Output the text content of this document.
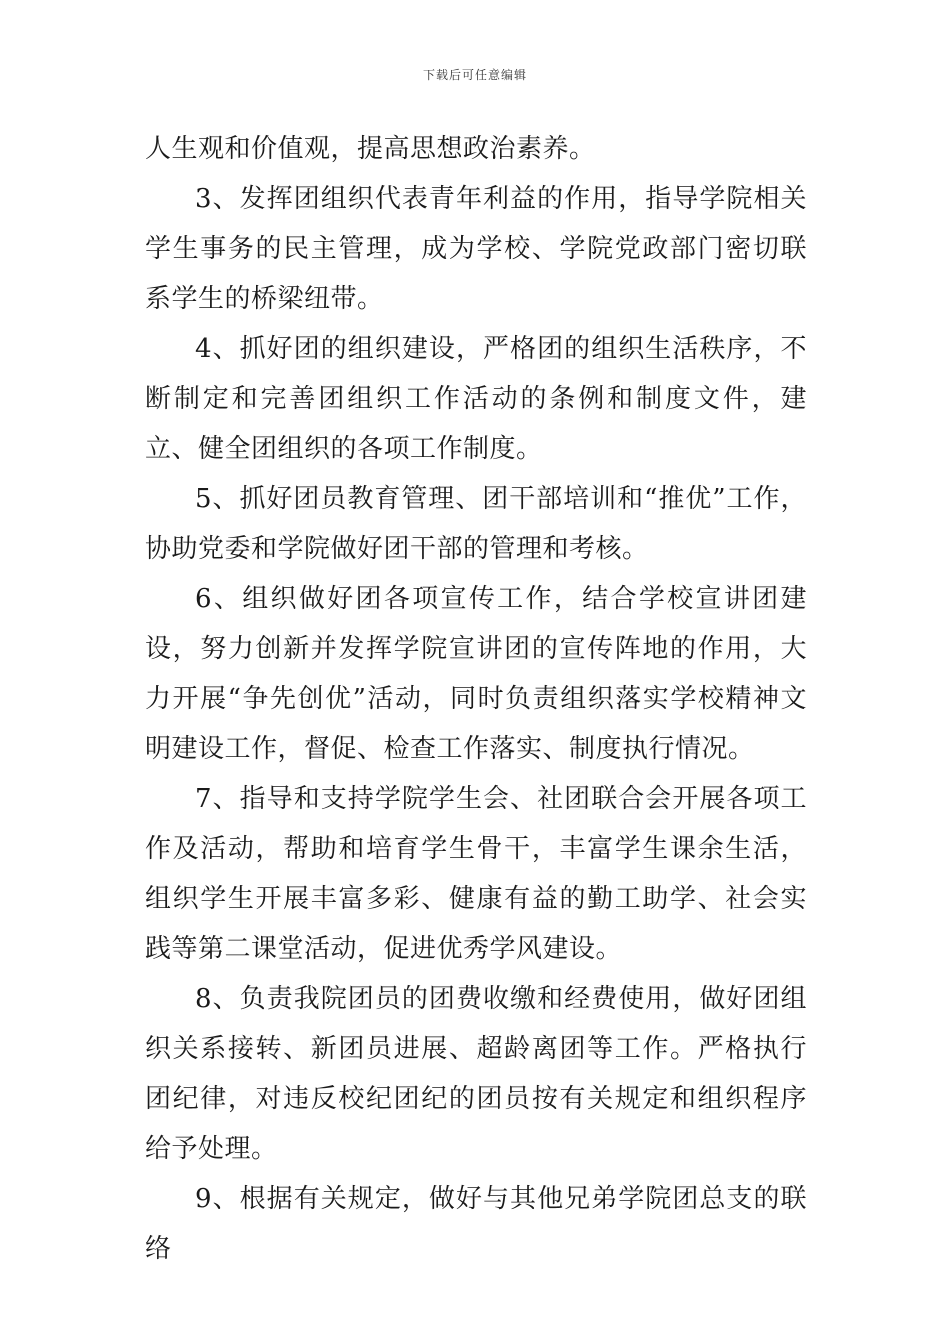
下载后可任意编辑

人生观和价值观，提高思想政治素养。

3、发挥团组织代表青年利益的作用，指导学院相关学生事务的民主管理，成为学校、学院党政部门密切联系学生的桥梁纽带。

4、抓好团的组织建设，严格团的组织生活秩序，不断制定和完善团组织工作活动的条例和制度文件，建立、健全团组织的各项工作制度。

5、抓好团员教育管理、团干部培训和“推优”工作，协助党委和学院做好团干部的管理和考核。

6、组织做好团各项宣传工作，结合学校宣讲团建设，努力创新并发挥学院宣讲团的宣传阵地的作用，大力开展“争先创优”活动，同时负责组织落实学校精神文明建设工作，督促、检查工作落实、制度执行情况。

7、指导和支持学院学生会、社团联合会开展各项工作及活动，帮助和培育学生骨干，丰富学生课余生活，组织学生开展丰富多彩、健康有益的勤工助学、社会实践等第二课堂活动，促进优秀学风建设。

8、负责我院团员的团费收缴和经费使用，做好团组织关系接转、新团员进展、超龄离团等工作。严格执行团纪律，对违反校纪团纪的团员按有关规定和组织程序给予处理。

9、根据有关规定，做好与其他兄弟学院团总支的联络
